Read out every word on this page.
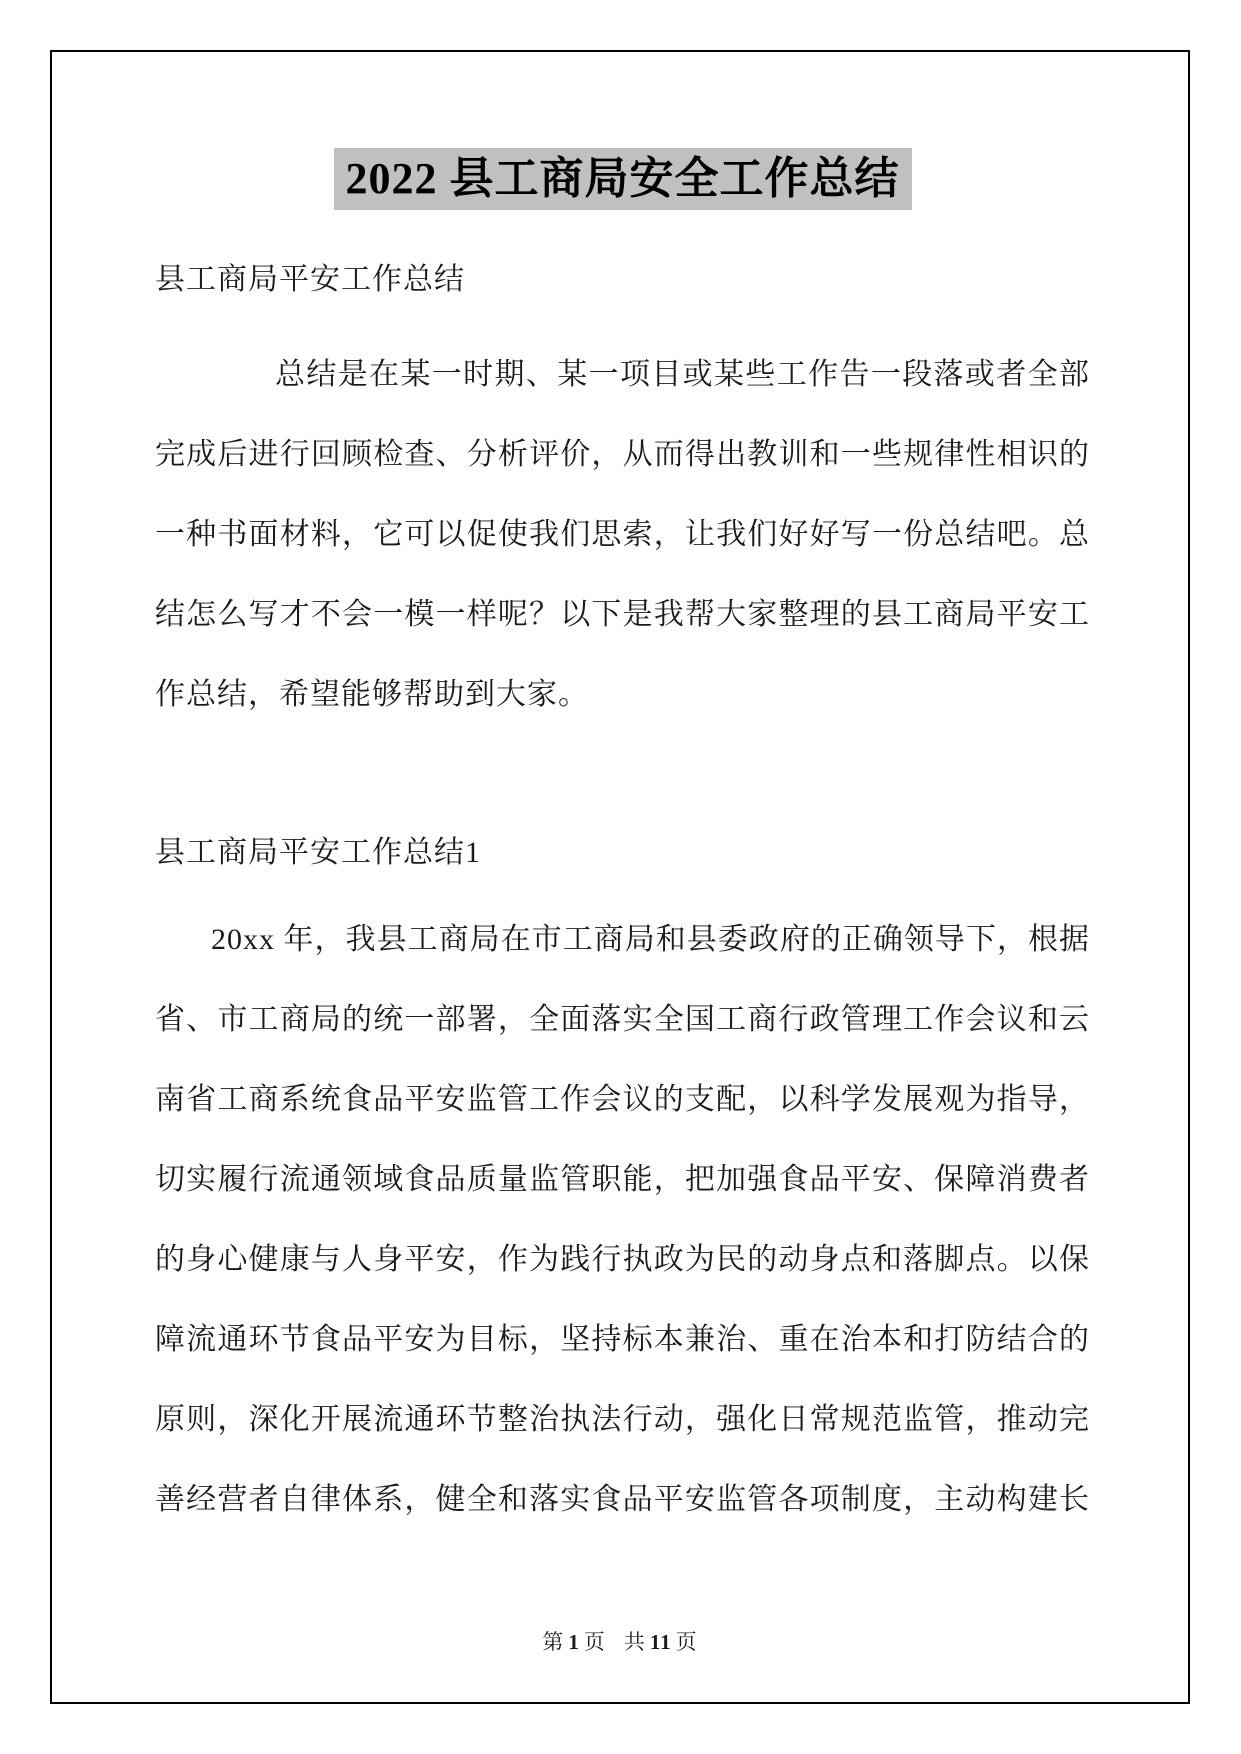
2022 县工商局安全工作总结
县工商局平安工作总结
总结是在某一时期、某一项目或某些工作告一段落或者全部
完成后进行回顾检查、分析评价，从而得出教训和一些规律性相识的
一种书面材料，它可以促使我们思索，让我们好好写一份总结吧。总
结怎么写才不会一模一样呢？以下是我帮大家整理的县工商局平安工
作总结，希望能够帮助到大家。
县工商局平安工作总结1
20xx 年，我县工商局在市工商局和县委政府的正确领导下，根据
省、市工商局的统一部署，全面落实全国工商行政管理工作会议和云
南省工商系统食品平安监管工作会议的支配，以科学发展观为指导，
切实履行流通领域食品质量监管职能，把加强食品平安、保障消费者
的身心健康与人身平安，作为践行执政为民的动身点和落脚点。以保
障流通环节食品平安为目标，坚持标本兼治、重在治本和打防结合的
原则，深化开展流通环节整治执法行动，强化日常规范监管，推动完
善经营者自律体系，健全和落实食品平安监管各项制度，主动构建长
第 1 页 共 11 页
